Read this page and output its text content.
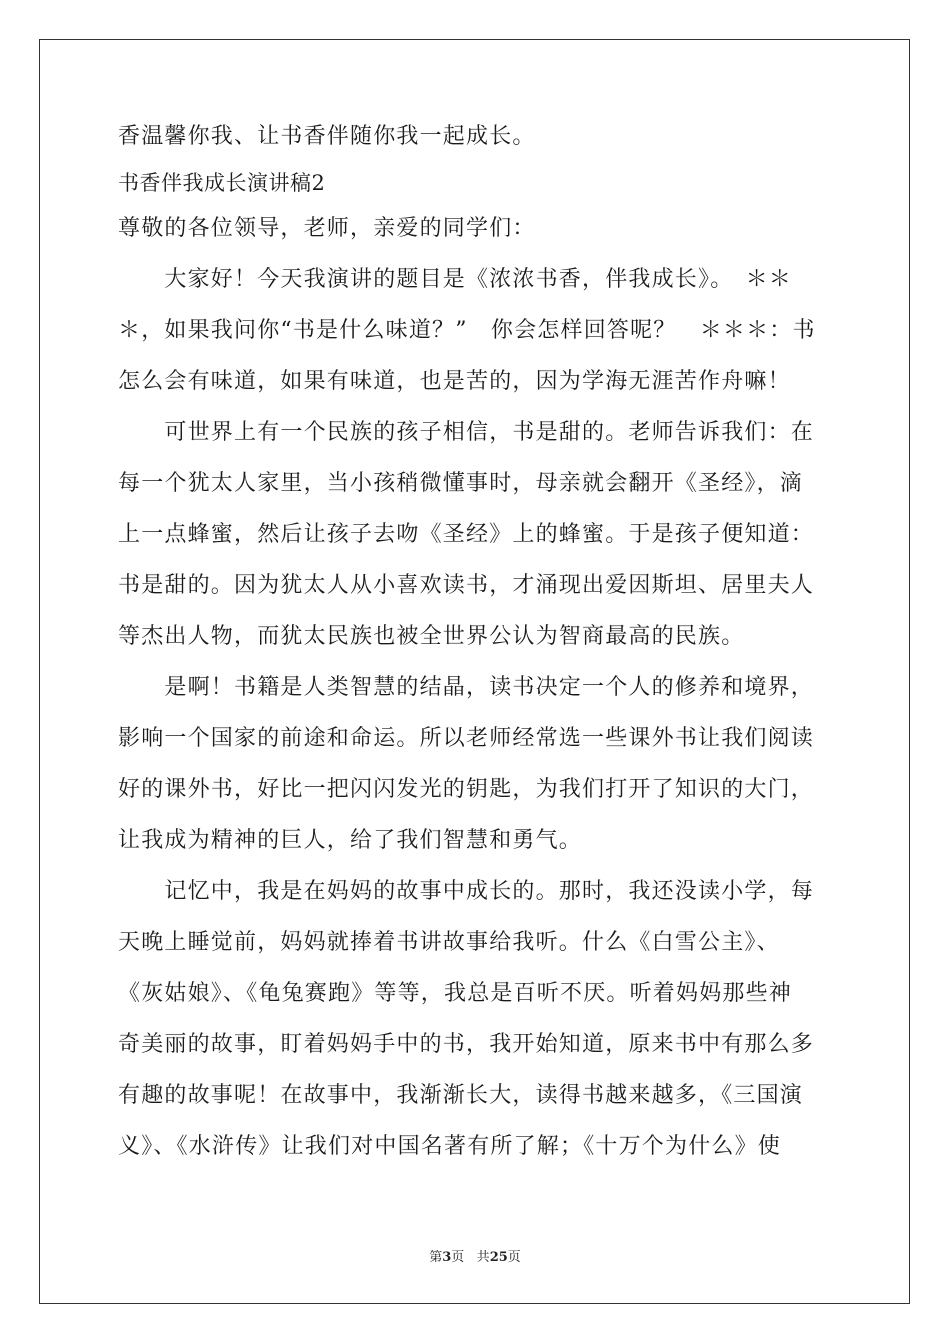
香温馨你我、让书香伴随你我一起成长。

书香伴我成长演讲稿2

尊敬的各位领导，老师，亲爱的同学们：

　　大家好！今天我演讲的题目是《浓浓书香，伴我成长》。　＊＊

＊，如果我问你“书是什么味道？”　你会怎样回答呢？　＊＊＊：书

怎么会有味道，如果有味道，也是苦的，因为学海无涯苦作舟嘛！

　　可世界上有一个民族的孩子相信，书是甜的。老师告诉我们：在

每一个犹太人家里，当小孩稍微懂事时，母亲就会翻开《圣经》，滴

上一点蜂蜜，然后让孩子去吻《圣经》上的蜂蜜。于是孩子便知道：

书是甜的。因为犹太人从小喜欢读书，才涌现出爱因斯坦、居里夫人

等杰出人物，而犹太民族也被全世界公认为智商最高的民族。

　　是啊！书籍是人类智慧的结晶，读书决定一个人的修养和境界，

影响一个国家的前途和命运。所以老师经常选一些课外书让我们阅读

好的课外书，好比一把闪闪发光的钥匙，为我们打开了知识的大门，

让我成为精神的巨人，给了我们智慧和勇气。

　　记忆中，我是在妈妈的故事中成长的。那时，我还没读小学，每

天晚上睡觉前，妈妈就捧着书讲故事给我听。什么《白雪公主》、

《灰姑娘》、《龟兔赛跑》等等，我总是百听不厌。听着妈妈那些神

奇美丽的故事，盯着妈妈手中的书，我开始知道，原来书中有那么多

有趣的故事呢！在故事中，我渐渐长大，读得书越来越多，《三国演

义》、《水浒传》让我们对中国名著有所了解；《十万个为什么》使

第3页 共25页
